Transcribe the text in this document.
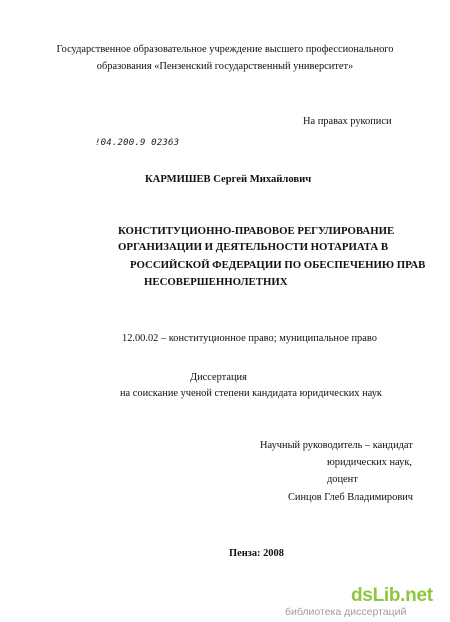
Государственное образовательное учреждение высшего профессионального
образования «Пензенский государственный университет»
На правах рукописи
!04.200.9 02363
КАРМИШЕВ Сергей Михайлович
КОНСТИТУЦИОННО-ПРАВОВОЕ РЕГУЛИРОВАНИЕ
ОРГАНИЗАЦИИ И ДЕЯТЕЛЬНОСТИ НОТАРИАТА В
РОССИЙСКОЙ ФЕДЕРАЦИИ ПО ОБЕСПЕЧЕНИЮ ПРАВ
НЕСОВЕРШЕННОЛЕТНИХ
12.00.02 – конституционное право; муниципальное право
Диссертация
на соискание ученой степени кандидата юридических наук
Научный руководитель – кандидат
юридических наук,
доцент
Синцов Глеб Владимирович
Пенза: 2008
dsLib.net
библиотека диссертаций
